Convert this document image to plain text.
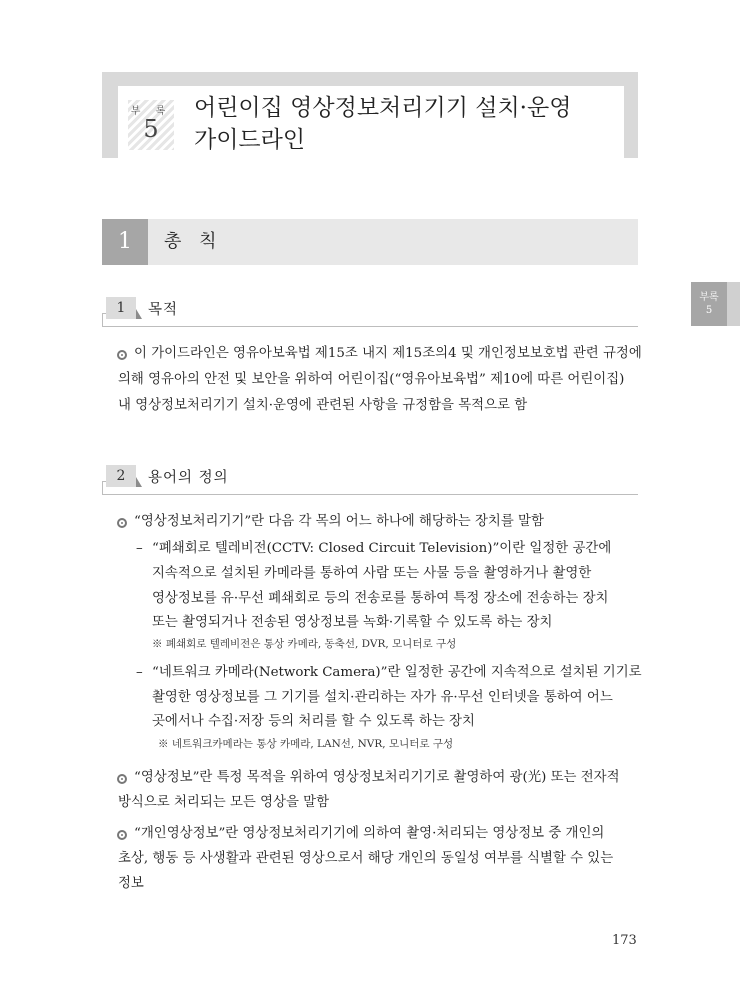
부 록
5
어린이집 영상정보처리기기 설치·운영
가이드라인
부록
5
1	총 칙
1	목적
이 가이드라인은 영유아보육법 제15조 내지 제15조의4 및 개인정보보호법 관련 규정에
의해 영유아의 안전 및 보안을 위하여 어린이집(“영유아보육법” 제10에 따른 어린이집)
내 영상정보처리기기 설치·운영에 관련된 사항을 규정함을 목적으로 함
2	용어의 정의
“영상정보처리기기”란 다음 각 목의 어느 하나에 해당하는 장치를 말함
– “폐쇄회로 텔레비전(CCTV: Closed Circuit Television)”이란 일정한 공간에
지속적으로 설치된 카메라를 통하여 사람 또는 사물 등을 촬영하거나 촬영한
영상정보를 유·무선 폐쇄회로 등의 전송로를 통하여 특정 장소에 전송하는 장치
또는 촬영되거나 전송된 영상정보를 녹화·기록할 수 있도록 하는 장치
※ 폐쇄회로 텔레비전은 통상 카메라, 동축선, DVR, 모니터로 구성
– “네트워크 카메라(Network Camera)”란 일정한 공간에 지속적으로 설치된 기기로
촬영한 영상정보를 그 기기를 설치·관리하는 자가 유·무선 인터넷을 통하여 어느
곳에서나 수집·저장 등의 처리를 할 수 있도록 하는 장치
※ 네트워크카메라는 통상 카메라, LAN선, NVR, 모니터로 구성
“영상정보”란 특정 목적을 위하여 영상정보처리기기로 촬영하여 광(光) 또는 전자적
방식으로 처리되는 모든 영상을 말함
“개인영상정보”란 영상정보처리기기에 의하여 촬영·처리되는 영상정보 중 개인의
초상, 행동 등 사생활과 관련된 영상으로서 해당 개인의 동일성 여부를 식별할 수 있는
정보
173
